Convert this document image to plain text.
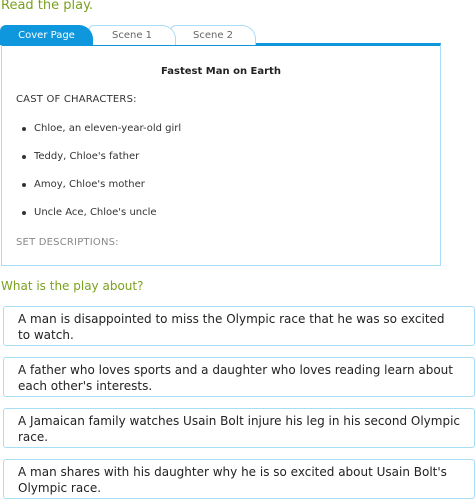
Read the play.

Cover Page	Scene 1	Scene 2

Fastest Man on Earth

CAST OF CHARACTERS:

Chloe, an eleven-year-old girl
Teddy, Chloe's father
Amoy, Chloe's mother
Uncle Ace, Chloe's uncle

SET DESCRIPTIONS:

What is the play about?

A man is disappointed to miss the Olympic race that he was so excited to watch.
A father who loves sports and a daughter who loves reading learn about each other's interests.
A Jamaican family watches Usain Bolt injure his leg in his second Olympic race.
A man shares with his daughter why he is so excited about Usain Bolt's Olympic race.
